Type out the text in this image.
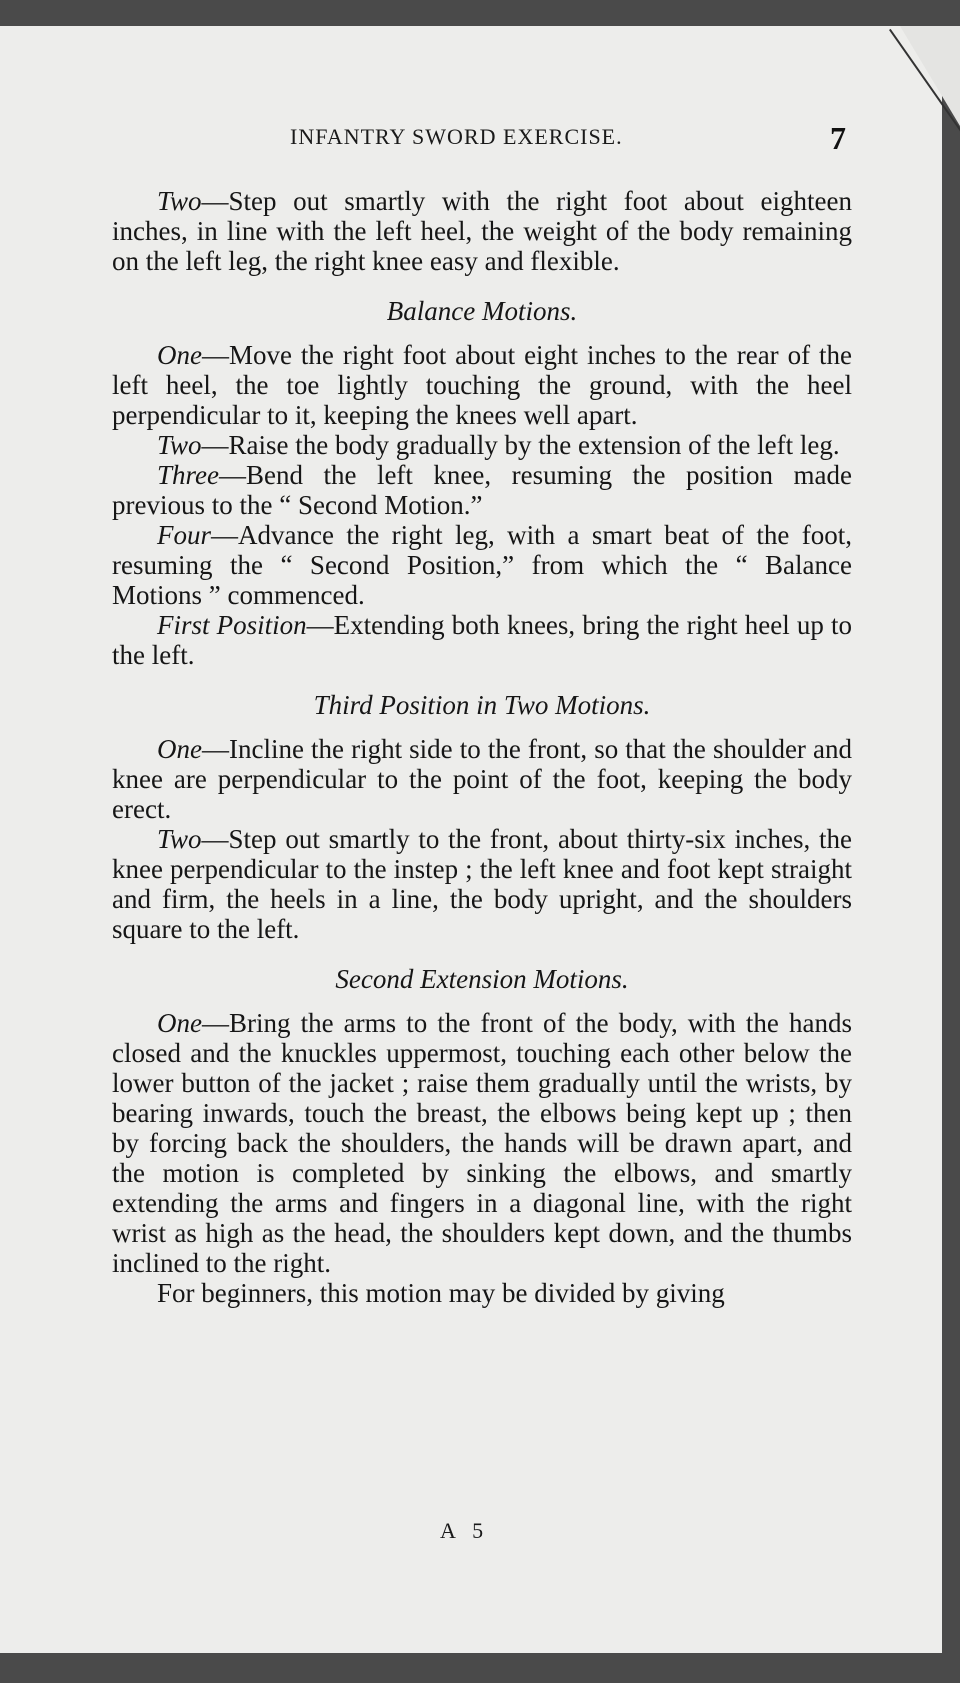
INFANTRY SWORD EXERCISE.	7

Two—Step out smartly with the right foot about eighteen inches, in line with the left heel, the weight of the body remaining on the left leg, the right knee easy and flexible.

Balance Motions.

One—Move the right foot about eight inches to the rear of the left heel, the toe lightly touching the ground, with the heel perpendicular to it, keeping the knees well apart.

Two—Raise the body gradually by the extension of the left leg.

Three—Bend the left knee, resuming the position made previous to the “ Second Motion.”

Four—Advance the right leg, with a smart beat of the foot, resuming the “ Second Position,” from which the “ Balance Motions ” commenced.

First Position—Extending both knees, bring the right heel up to the left.

Third Position in Two Motions.

One—Incline the right side to the front, so that the shoulder and knee are perpendicular to the point of the foot, keeping the body erect.

Two—Step out smartly to the front, about thirty-six inches, the knee perpendicular to the instep ; the left knee and foot kept straight and firm, the heels in a line, the body upright, and the shoulders square to the left.

Second Extension Motions.

One—Bring the arms to the front of the body, with the hands closed and the knuckles uppermost, touching each other below the lower button of the jacket ; raise them gradually until the wrists, by bearing inwards, touch the breast, the elbows being kept up ; then by forcing back the shoulders, the hands will be drawn apart, and the motion is completed by sinking the elbows, and smartly extending the arms and fingers in a diagonal line, with the right wrist as high as the head, the shoulders kept down, and the thumbs inclined to the right.

For beginners, this motion may be divided by giving

A 5
